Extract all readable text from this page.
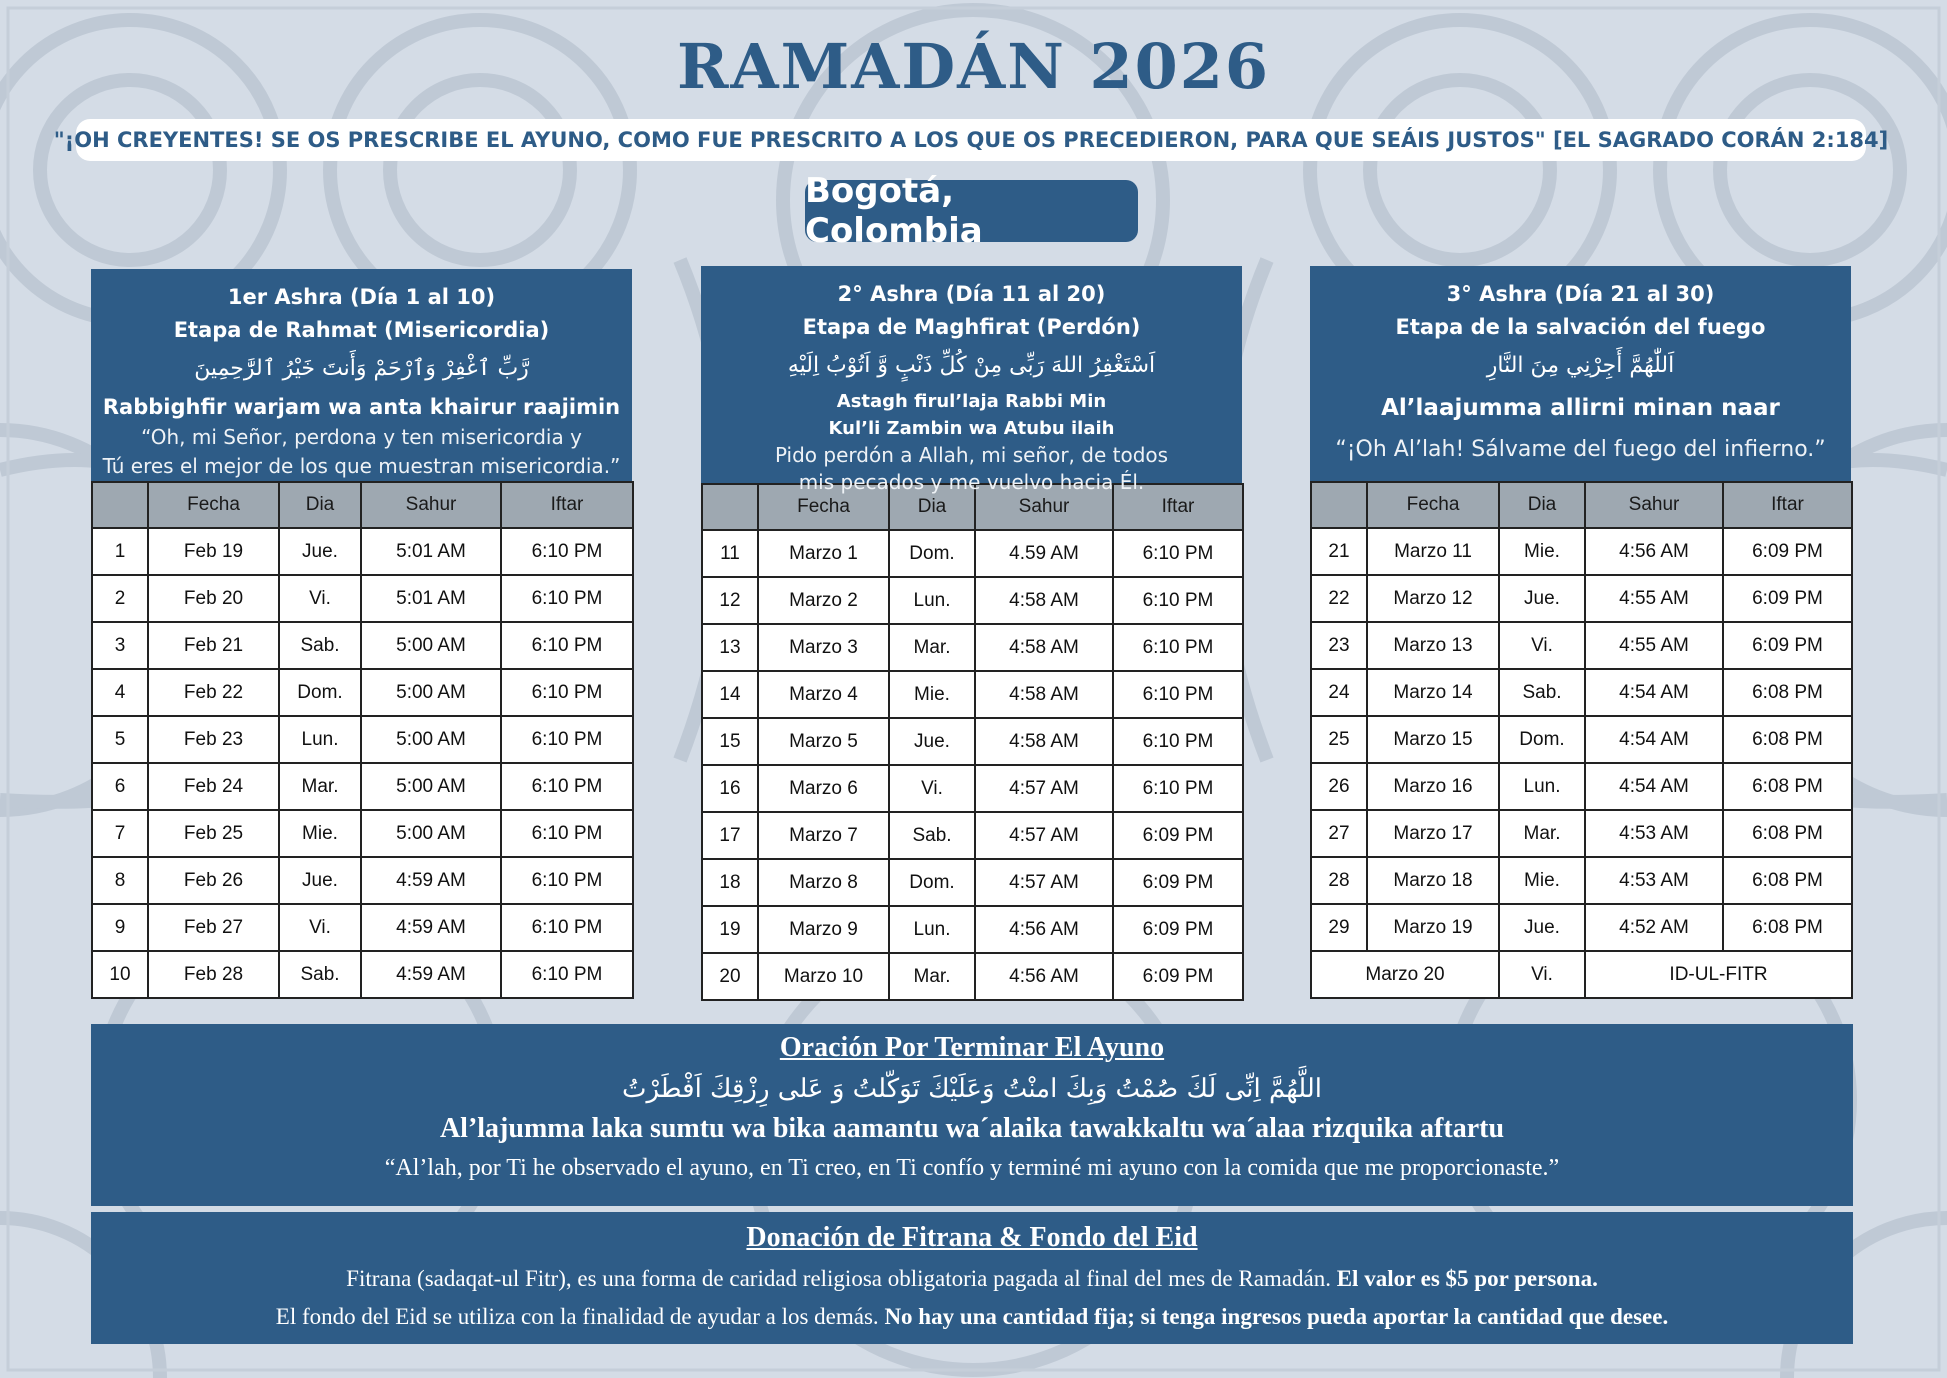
RAMADÁN 2026
"¡OH CREYENTES! SE OS PRESCRIBE EL AYUNO, COMO FUE PRESCRITO A LOS QUE OS PRECEDIERON, PARA QUE SEÁIS JUSTOS" [EL SAGRADO CORÁN 2:184]
Bogotá, Colombia
1er Ashra (Día 1 al 10)
Etapa de Rahmat (Misericordia)
رَّبِّ ٱغْفِرْ وَٱرْحَمْ وَأَنتَ خَيْرُ ٱلرَّٰحِمِينَ
Rabbighfir warjam wa anta khairur raajimin
“Oh, mi Señor, perdona y ten misericordia y
Tú eres el mejor de los que muestran misericordia.”
	Fecha	Dia	Sahur	Iftar
1	Feb 19	Jue.	5:01 AM	6:10 PM
2	Feb 20	Vi.	5:01 AM	6:10 PM
3	Feb 21	Sab.	5:00 AM	6:10 PM
4	Feb 22	Dom.	5:00 AM	6:10 PM
5	Feb 23	Lun.	5:00 AM	6:10 PM
6	Feb 24	Mar.	5:00 AM	6:10 PM
7	Feb 25	Mie.	5:00 AM	6:10 PM
8	Feb 26	Jue.	4:59 AM	6:10 PM
9	Feb 27	Vi.	4:59 AM	6:10 PM
10	Feb 28	Sab.	4:59 AM	6:10 PM
2° Ashra (Día 11 al 20)
Etapa de Maghfirat (Perdón)
اَسْتَغْفِرُ اللهَ رَبِّى مِنْ كُلِّ ذَنْبٍ وَّ اَتُوْبُ اِلَيْهِ
Astagh firul’laja Rabbi Min
Kul’li Zambin wa Atubu ilaih
Pido perdón a Allah, mi señor, de todos
mis pecados y me vuelvo hacia Él.
	Fecha	Dia	Sahur	Iftar
11	Marzo 1	Dom.	4.59 AM	6:10 PM
12	Marzo 2	Lun.	4:58 AM	6:10 PM
13	Marzo 3	Mar.	4:58 AM	6:10 PM
14	Marzo 4	Mie.	4:58 AM	6:10 PM
15	Marzo 5	Jue.	4:58 AM	6:10 PM
16	Marzo 6	Vi.	4:57 AM	6:10 PM
17	Marzo 7	Sab.	4:57 AM	6:09 PM
18	Marzo 8	Dom.	4:57 AM	6:09 PM
19	Marzo 9	Lun.	4:56 AM	6:09 PM
20	Marzo 10	Mar.	4:56 AM	6:09 PM
3° Ashra (Día 21 al 30)
Etapa de la salvación del fuego
اَللّٰهُمَّ أَجِرْنِي مِنَ النَّارِ
Al’laajumma allirni minan naar
“¡Oh Al’lah! Sálvame del fuego del infierno.”
	Fecha	Dia	Sahur	Iftar
21	Marzo 11	Mie.	4:56 AM	6:09 PM
22	Marzo 12	Jue.	4:55 AM	6:09 PM
23	Marzo 13	Vi.	4:55 AM	6:09 PM
24	Marzo 14	Sab.	4:54 AM	6:08 PM
25	Marzo 15	Dom.	4:54 AM	6:08 PM
26	Marzo 16	Lun.	4:54 AM	6:08 PM
27	Marzo 17	Mar.	4:53 AM	6:08 PM
28	Marzo 18	Mie.	4:53 AM	6:08 PM
29	Marzo 19	Jue.	4:52 AM	6:08 PM
Marzo 20		Vi.	ID-UL-FITR	
Oración Por Terminar El Ayuno
اللَّهُمَّ اِنِّى لَكَ صُمْتُ وَبِكَ امنْتُ وَعَلَيْكَ تَوَكّلتُ وَ عَلى رِزْقِكَ اَفْطَرْتُ
Al’lajumma laka sumtu wa bika aamantu wa´alaika tawakkaltu wa´alaa rizquika aftartu
“Al’lah, por Ti he observado el ayuno, en Ti creo, en Ti confío y terminé mi ayuno con la comida que me proporcionaste.”
Donación de Fitrana & Fondo del Eid
Fitrana (sadaqat-ul Fitr), es una forma de caridad religiosa obligatoria pagada al final del mes de Ramadán. El valor es $5 por persona.
El fondo del Eid se utiliza con la finalidad de ayudar a los demás. No hay una cantidad fija; si tenga ingresos pueda aportar la cantidad que desee.
